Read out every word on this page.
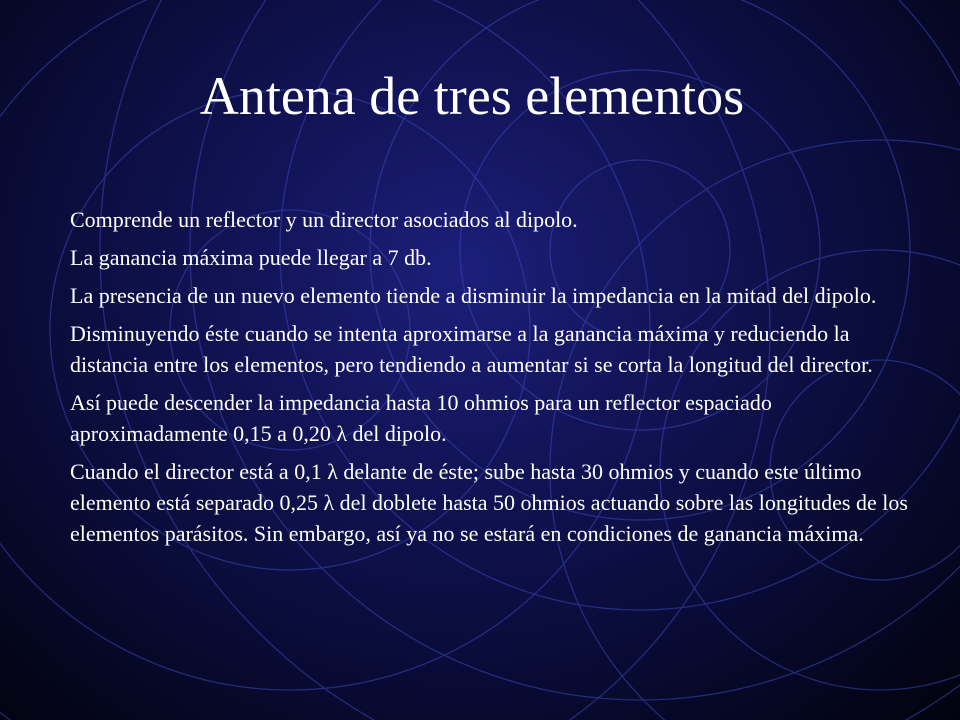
Antena de tres elementos

Comprende un reflector y un director asociados al dipolo.

La ganancia máxima puede llegar a 7 db.

La presencia de un nuevo elemento tiende a disminuir la impedancia en la mitad del dipolo.

Disminuyendo éste cuando se intenta aproximarse a la ganancia máxima y reduciendo la distancia entre los elementos, pero tendiendo a aumentar si se corta la longitud del director.

Así puede descender la impedancia hasta 10 ohmios para un reflector espaciado aproximadamente 0,15 a 0,20 λ del dipolo.

Cuando el director está a 0,1 λ delante de éste; sube hasta 30 ohmios y cuando este último elemento está separado 0,25 λ del doblete hasta 50 ohmios actuando sobre las longitudes de los elementos parásitos. Sin embargo, así ya no se estará en condiciones de ganancia máxima.
